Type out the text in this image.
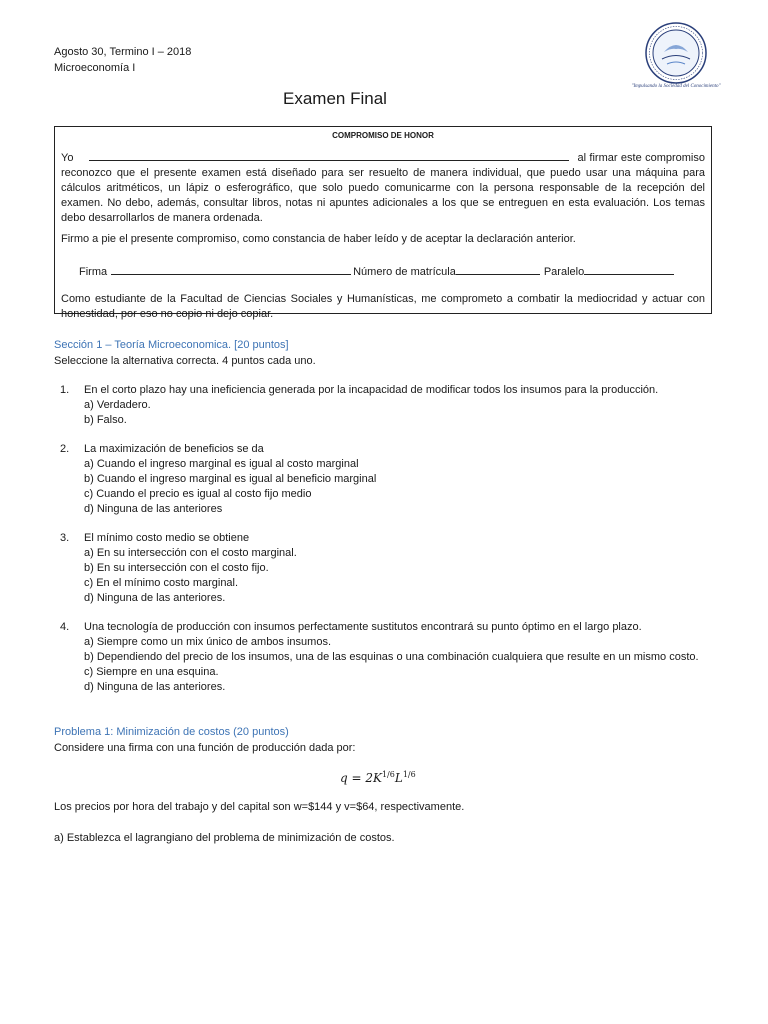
Agosto 30, Termino I – 2018
Microeconomía I
"Impulsando la Sociedad del Conocimiento"
Examen Final
COMPROMISO DE HONOR
Yo	al firmar este compromiso

reconozco que el presente examen está diseñado para ser resuelto de manera individual, que puedo usar una máquina para cálculos aritméticos, un lápiz o esferográfico, que solo puedo comunicarme con la persona responsable de la recepción del examen. No debo, además, consultar libros, notas ni apuntes adicionales a los que se entreguen en esta evaluación. Los temas debo desarrollarlos de manera ordenada.

Firmo a pie el presente compromiso, como constancia de haber leído y de aceptar la declaración anterior.

Firma	Número de matrícula	Paralelo

Como estudiante de la Facultad de Ciencias Sociales y Humanísticas, me comprometo a combatir la mediocridad y actuar con honestidad, por eso no copio ni dejo copiar.

Sección 1 – Teoría Microeconomica. [20 puntos]
Seleccione la alternativa correcta. 4 puntos cada uno.
1. En el corto plazo hay una ineficiencia generada por la incapacidad de modificar todos los insumos para la producción.
a) Verdadero.
b) Falso.
2. La maximización de beneficios se da
a) Cuando el ingreso marginal es igual al costo marginal
b) Cuando el ingreso marginal es igual al beneficio marginal
c) Cuando el precio es igual al costo fijo medio
d) Ninguna de las anteriores
3. El mínimo costo medio se obtiene
a) En su intersección con el costo marginal.
b) En su intersección con el costo fijo.
c) En el mínimo costo marginal.
d) Ninguna de las anteriores.
4. Una tecnología de producción con insumos perfectamente sustitutos encontrará su punto óptimo en el largo plazo.
a) Siempre como un mix único de ambos insumos.
b) Dependiendo del precio de los insumos, una de las esquinas o una combinación cualquiera que resulte en un mismo costo.
c) Siempre en una esquina.
d) Ninguna de las anteriores.
Problema 1: Minimización de costos (20 puntos)
Considere una firma con una función de producción dada por:
$q = 2K^{1/6}L^{1/6}$
Los precios por hora del trabajo y del capital son w=$144 y v=$64, respectivamente.
a) Establezca el lagrangiano del problema de minimización de costos.
